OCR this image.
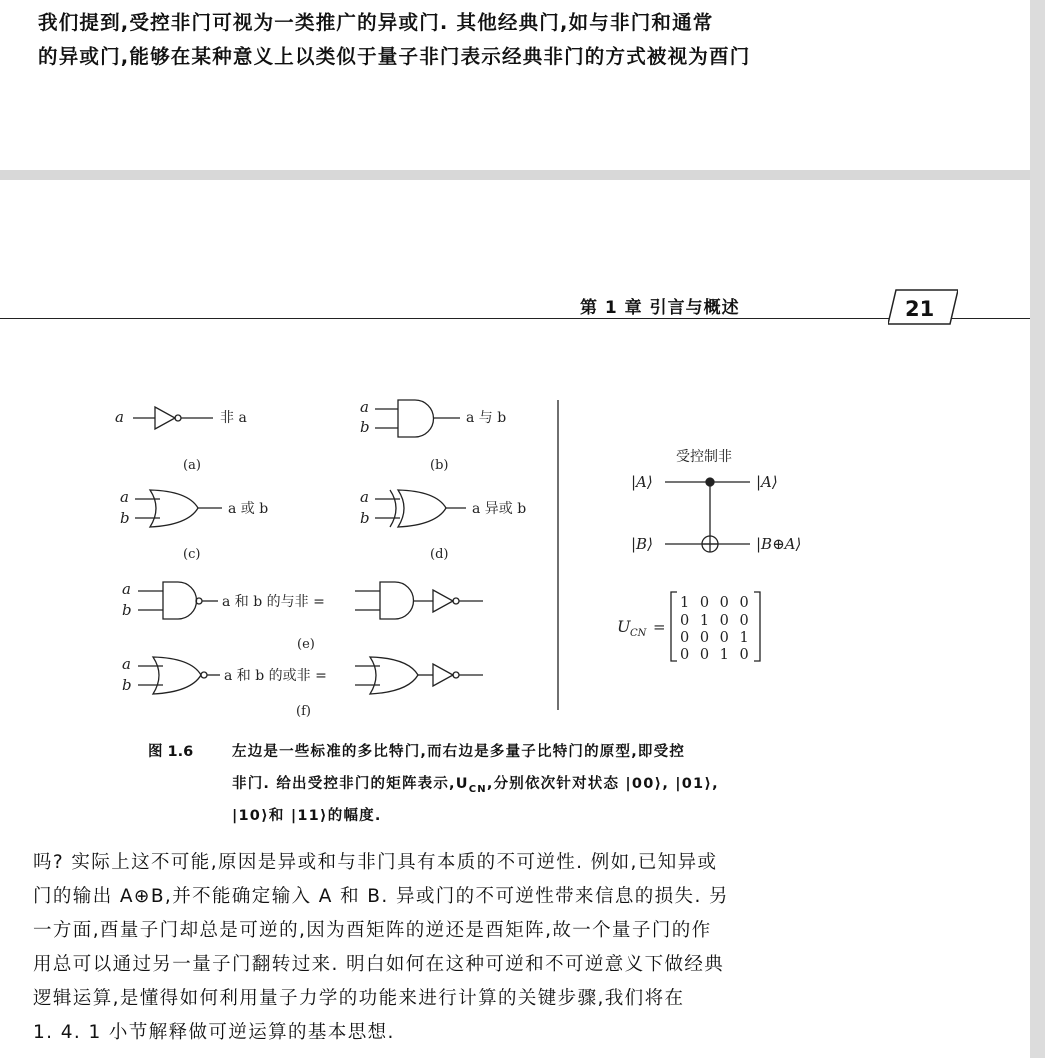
我们提到,受控非门可视为一类推广的异或门. 其他经典门,如与非门和通常
的异或门,能够在某种意义上以类似于量子非门表示经典非门的方式被视为酉门
第 1 章 引言与概述	21
a	非 a
(a)
a
b	a 与 b
(b)
a
b	a 或 b
(c)
a
b	a 异或 b
(d)
a
b	a 和 b 的与非 =
(e)
a
b	a 和 b 的或非 =
(f)
受控制非
|A⟩	|A⟩
|B⟩	|B⊕A⟩
U CN =
1 0 0 0
0 1 0 0
0 0 0 1
0 0 1 0
图 1.6	左边是一些标准的多比特门,而右边是多量子比特门的原型,即受控
非门. 给出受控非门的矩阵表示$,U_{CN}$,分别依次针对状态 |00⟩, |01⟩,
|10⟩和 |11⟩的幅度.
吗? 实际上这不可能,原因是异或和与非门具有本质的不可逆性. 例如,已知异或
门的输出 A⊕B,并不能确定输入 A 和 B. 异或门的不可逆性带来信息的损失. 另
一方面,酉量子门却总是可逆的,因为酉矩阵的逆还是酉矩阵,故一个量子门的作
用总可以通过另一量子门翻转过来. 明白如何在这种可逆和不可逆意义下做经典
逻辑运算,是懂得如何利用量子力学的功能来进行计算的关键步骤,我们将在
1. 4. 1 小节解释做可逆运算的基本思想.
